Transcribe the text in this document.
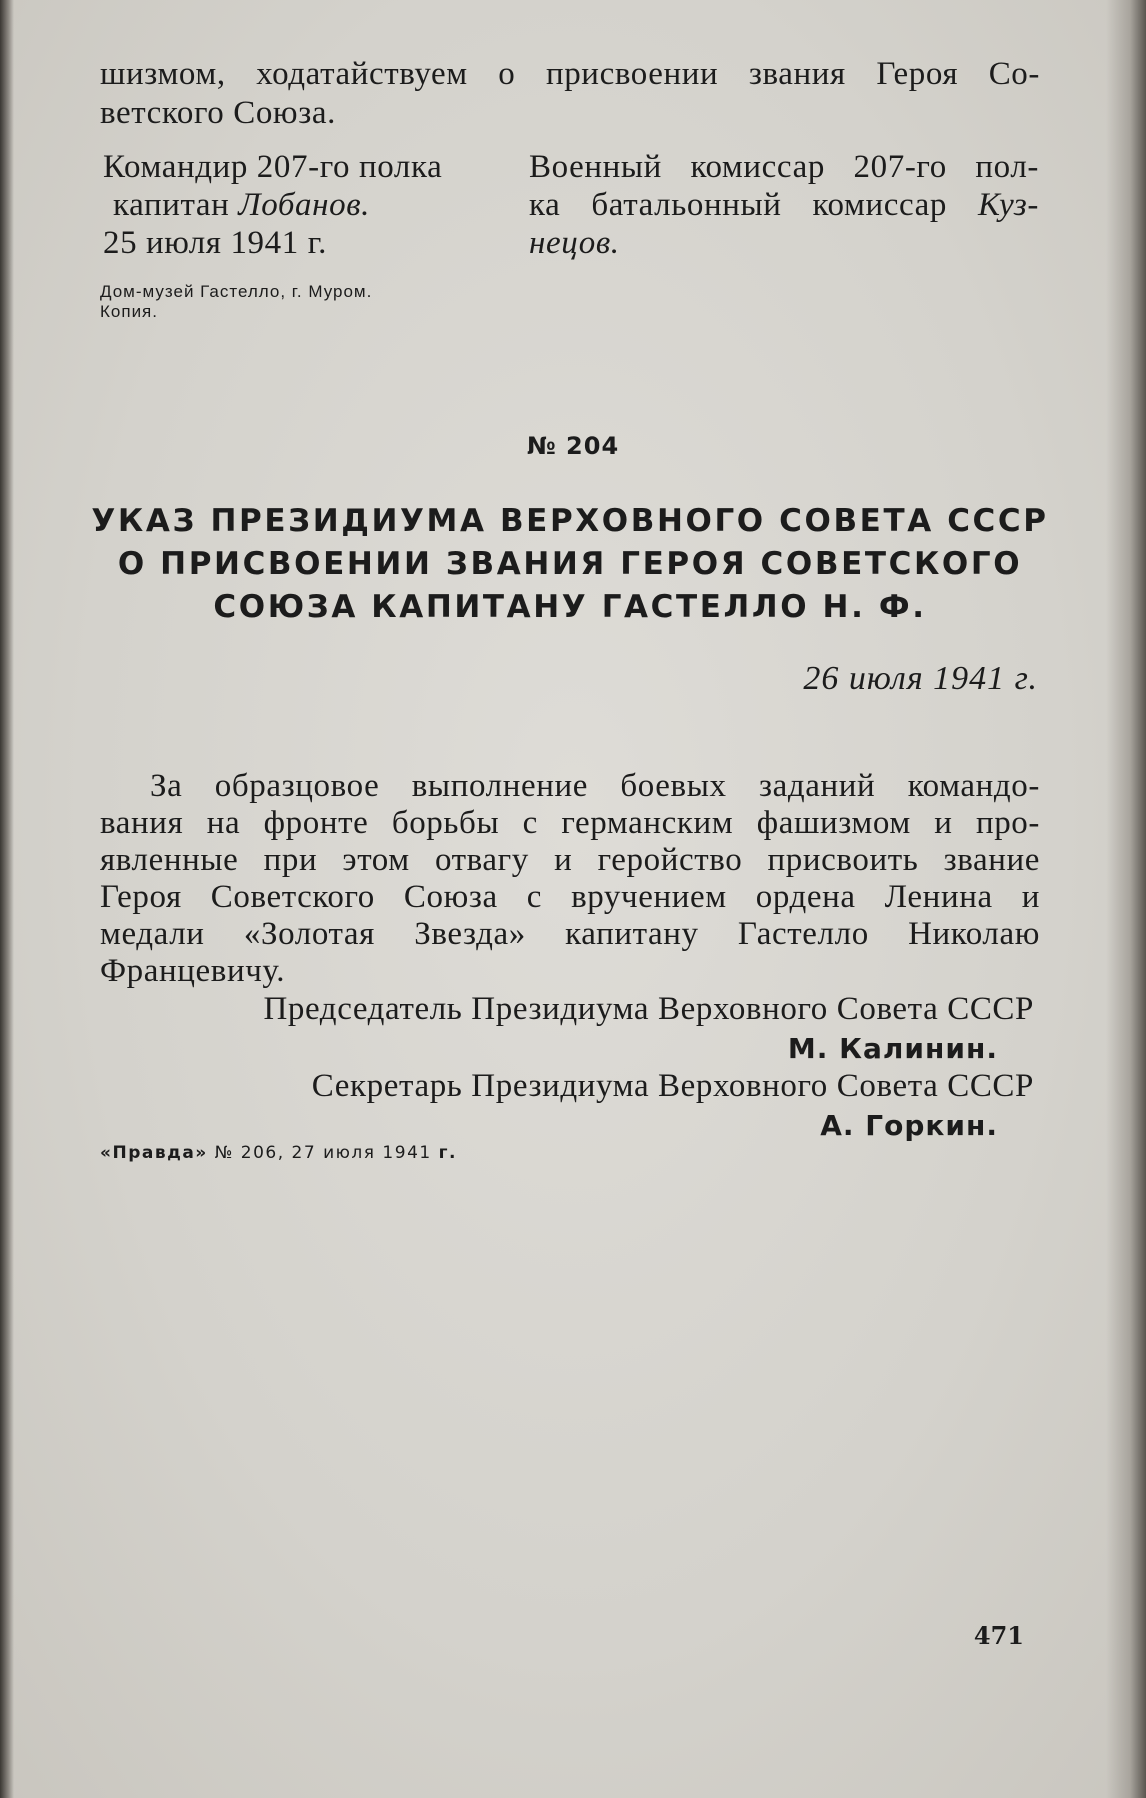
шизмом, ходатайствуем о присвоении звания Героя Со-
ветского Союза.
Командир 207-го полка
капитан Лобанов.
25 июля 1941 г.
Военный комиссар 207-го пол-
ка батальонный комиссар Куз-
нецов.
Дом-музей Гастелло, г. Муром.
Копия.

№ 204

УКАЗ ПРЕЗИДИУМА ВЕРХОВНОГО СОВЕТА СССР
О ПРИСВОЕНИИ ЗВАНИЯ ГЕРОЯ СОВЕТСКОГО
СОЮЗА КАПИТАНУ ГАСТЕЛЛО Н. Ф.

26 июля 1941 г.

За образцовое выполнение боевых заданий командо-
вания на фронте борьбы с германским фашизмом и про-
явленные при этом отвагу и геройство присвоить звание
Героя Советского Союза с вручением ордена Ленина и
медали «Золотая Звезда» капитану Гастелло Николаю
Францевичу.

Председатель Президиума Верховного Совета СССР

М. Калинин.

Секретарь Президиума Верховного Совета СССР

А. Горкин.

«Правда» № 206, 27 июля 1941 г.

471
